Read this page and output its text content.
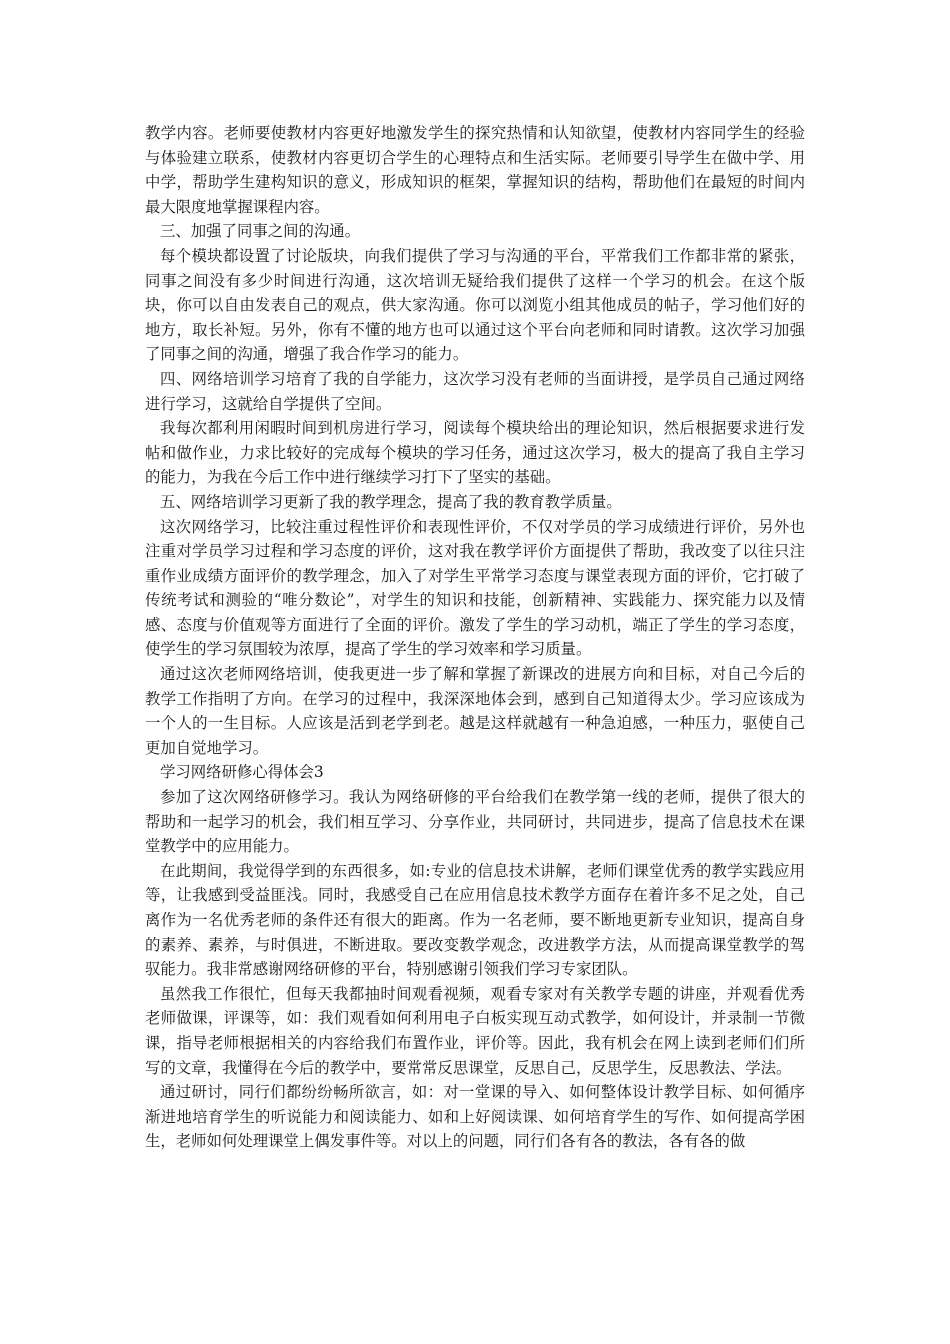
教学内容。老师要使教材内容更好地激发学生的探究热情和认知欲望，使教材内容同学生的经验与体验建立联系，使教材内容更切合学生的心理特点和生活实际。老师要引导学生在做中学、用中学，帮助学生建构知识的意义，形成知识的框架，掌握知识的结构，帮助他们在最短的时间内最大限度地掌握课程内容。

三、加强了同事之间的沟通。

每个模块都设置了讨论版块，向我们提供了学习与沟通的平台，平常我们工作都非常的紧张，同事之间没有多少时间进行沟通，这次培训无疑给我们提供了这样一个学习的机会。在这个版块，你可以自由发表自己的观点，供大家沟通。你可以浏览小组其他成员的帖子，学习他们好的地方，取长补短。另外，你有不懂的地方也可以通过这个平台向老师和同时请教。这次学习加强了同事之间的沟通，增强了我合作学习的能力。

四、网络培训学习培育了我的自学能力，这次学习没有老师的当面讲授，是学员自己通过网络进行学习，这就给自学提供了空间。

我每次都利用闲暇时间到机房进行学习，阅读每个模块给出的理论知识，然后根据要求进行发帖和做作业，力求比较好的完成每个模块的学习任务，通过这次学习，极大的提高了我自主学习的能力，为我在今后工作中进行继续学习打下了坚实的基础。

五、网络培训学习更新了我的教学理念，提高了我的教育教学质量。

这次网络学习，比较注重过程性评价和表现性评价，不仅对学员的学习成绩进行评价，另外也注重对学员学习过程和学习态度的评价，这对我在教学评价方面提供了帮助，我改变了以往只注重作业成绩方面评价的教学理念，加入了对学生平常学习态度与课堂表现方面的评价，它打破了传统考试和测验的“唯分数论”，对学生的知识和技能，创新精神、实践能力、探究能力以及情感、态度与价值观等方面进行了全面的评价。激发了学生的学习动机，端正了学生的学习态度，使学生的学习氛围较为浓厚，提高了学生的学习效率和学习质量。

通过这次老师网络培训，使我更进一步了解和掌握了新课改的进展方向和目标，对自己今后的教学工作指明了方向。在学习的过程中，我深深地体会到，感到自己知道得太少。学习应该成为一个人的一生目标。人应该是活到老学到老。越是这样就越有一种急迫感，一种压力，驱使自己更加自觉地学习。

学习网络研修心得体会3

参加了这次网络研修学习。我认为网络研修的平台给我们在教学第一线的老师，提供了很大的帮助和一起学习的机会，我们相互学习、分享作业，共同研讨，共同进步，提高了信息技术在课堂教学中的应用能力。

在此期间，我觉得学到的东西很多，如:专业的信息技术讲解，老师们课堂优秀的教学实践应用等，让我感到受益匪浅。同时，我感受自己在应用信息技术教学方面存在着许多不足之处，自己离作为一名优秀老师的条件还有很大的距离。作为一名老师，要不断地更新专业知识，提高自身的素养、素养，与时俱进，不断进取。要改变教学观念，改进教学方法，从而提高课堂教学的驾驭能力。我非常感谢网络研修的平台，特别感谢引领我们学习专家团队。

虽然我工作很忙，但每天我都抽时间观看视频，观看专家对有关教学专题的讲座，并观看优秀老师做课，评课等，如：我们观看如何利用电子白板实现互动式教学，如何设计，并录制一节微课，指导老师根据相关的内容给我们布置作业，评价等。因此，我有机会在网上读到老师们们所写的文章，我懂得在今后的教学中，要常常反思课堂，反思自己，反思学生，反思教法、学法。

通过研讨，同行们都纷纷畅所欲言，如：对一堂课的导入、如何整体设计教学目标、如何循序渐进地培育学生的听说能力和阅读能力、如和上好阅读课、如何培育学生的写作、如何提高学困生，老师如何处理课堂上偶发事件等。对以上的问题，同行们各有各的教法，各有各的做
